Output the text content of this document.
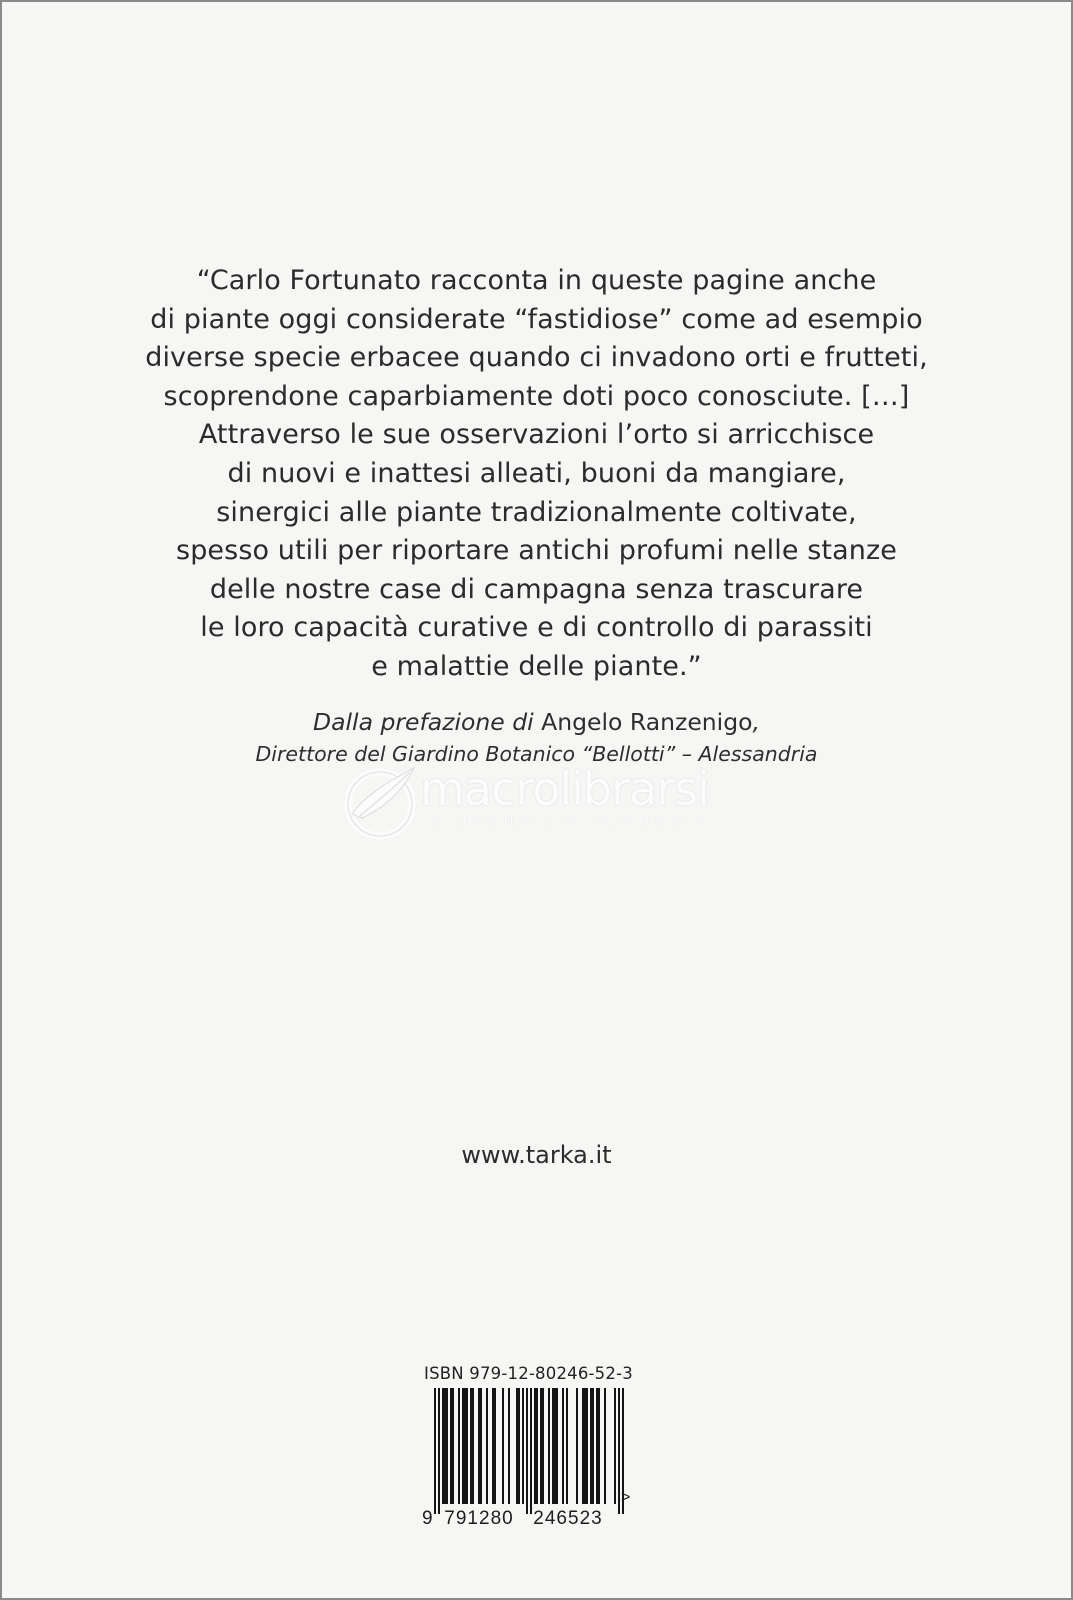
“Carlo Fortunato racconta in queste pagine anche
di piante oggi considerate “fastidiose” come ad esempio
diverse specie erbacee quando ci invadono orti e frutteti,
scoprendone caparbiamente doti poco conosciute. […]
Attraverso le sue osservazioni l’orto si arricchisce
di nuovi e inattesi alleati, buoni da mangiare,
sinergici alle piante tradizionalmente coltivate,
spesso utili per riportare antichi profumi nelle stanze
delle nostre case di campagna senza trascurare
le loro capacità curative e di controllo di parassiti
e malattie delle piante.”
Dalla prefazione di Angelo Ranzenigo,
Direttore del Giardino Botanico “Bellotti” – Alessandria
macrolibrarsi
ALTERNATIVA NATURALE
www.tarka.it
ISBN 979-12-80246-52-3
9 791280 246523
>
